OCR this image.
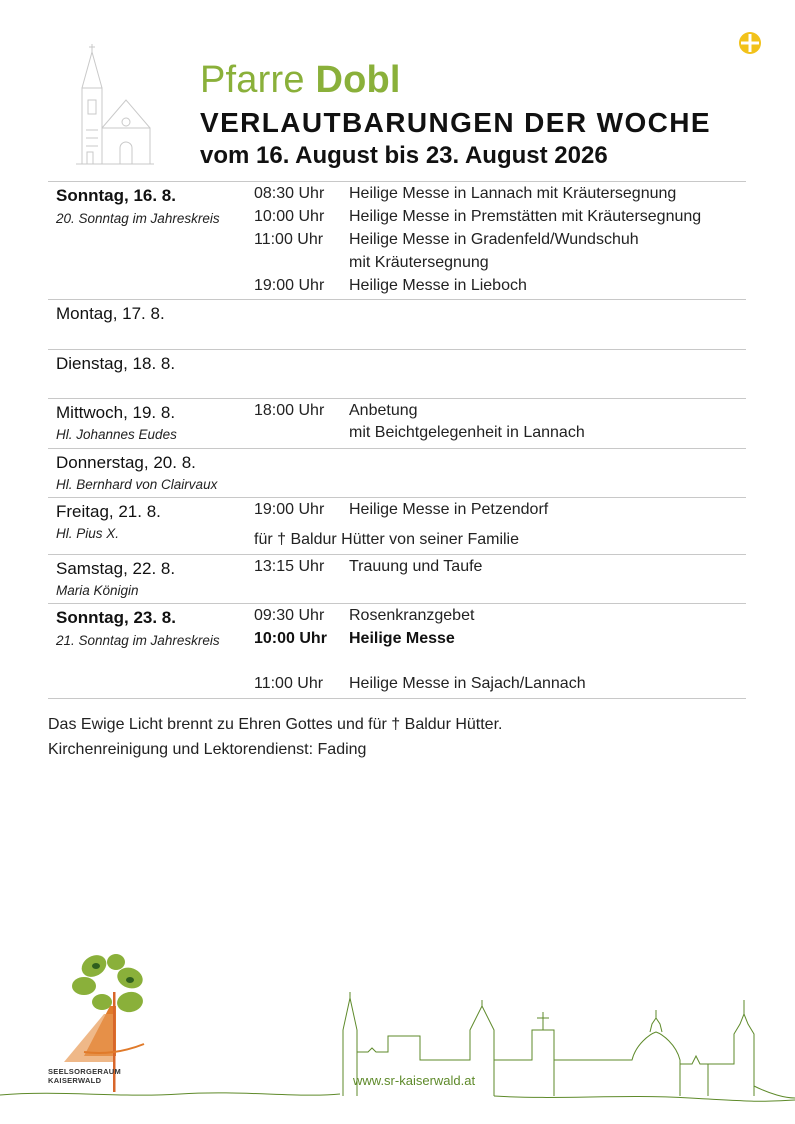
Pfarre Dobl
VERLAUTBARUNGEN DER WOCHE
vom 16. August bis 23. August 2026
Sonntag, 16. 8.
20. Sonntag im Jahreskreis
08:30 Uhr Heilige Messe in Lannach mit Kräutersegnung
10:00 Uhr Heilige Messe in Premstätten mit Kräutersegnung
11:00 Uhr Heilige Messe in Gradenfeld/Wundschuh
mit Kräutersegnung
19:00 Uhr Heilige Messe in Lieboch
Montag, 17. 8.
Dienstag, 18. 8.
Mittwoch, 19. 8.
Hl. Johannes Eudes
18:00 Uhr Anbetung
mit Beichtgelegenheit in Lannach
Donnerstag, 20. 8.
Hl. Bernhard von Clairvaux
Freitag, 21. 8.
Hl. Pius X.
19:00 Uhr Heilige Messe in Petzendorf
für † Baldur Hütter von seiner Familie
Samstag, 22. 8.
Maria Königin
13:15 Uhr Trauung und Taufe
Sonntag, 23. 8.
21. Sonntag im Jahreskreis
09:30 Uhr Rosenkranzgebet
10:00 Uhr Heilige Messe
11:00 Uhr Heilige Messe in Sajach/Lannach
Das Ewige Licht brennt zu Ehren Gottes und für † Baldur Hütter.
Kirchenreinigung und Lektorendienst: Fading
SEELSORGERAUM
KAISERWALD	www.sr-kaiserwald.at
